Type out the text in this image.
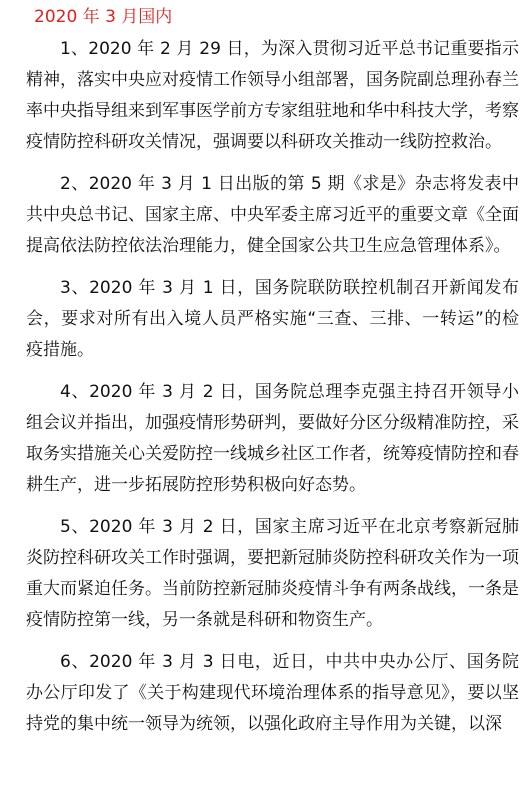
2020 年 3 月国内

1、2020 年 2 月 29 日，为深入贯彻习近平总书记重要指示精神，落实中央应对疫情工作领导小组部署，国务院副总理孙春兰率中央指导组来到军事医学前方专家组驻地和华中科技大学，考察疫情防控科研攻关情况，强调要以科研攻关推动一线防控救治。

2、2020 年 3 月 1 日出版的第 5 期《求是》杂志将发表中共中央总书记、国家主席、中央军委主席习近平的重要文章《全面提高依法防控依法治理能力，健全国家公共卫生应急管理体系》。

3、2020 年 3 月 1 日，国务院联防联控机制召开新闻发布会，要求对所有出入境人员严格实施“三查、三排、一转运”的检疫措施。

4、2020 年 3 月 2 日，国务院总理李克强主持召开领导小组会议并指出，加强疫情形势研判，要做好分区分级精准防控，采取务实措施关心关爱防控一线城乡社区工作者，统筹疫情防控和春耕生产，进一步拓展防控形势积极向好态势。

5、2020 年 3 月 2 日，国家主席习近平在北京考察新冠肺炎防控科研攻关工作时强调，要把新冠肺炎防控科研攻关作为一项重大而紧迫任务。当前防控新冠肺炎疫情斗争有两条战线，一条是疫情防控第一线，另一条就是科研和物资生产。

6、2020 年 3 月 3 日电，近日，中共中央办公厅、国务院办公厅印发了《关于构建现代环境治理体系的指导意见》，要以坚持党的集中统一领导为统领，以强化政府主导作用为关键，以深
